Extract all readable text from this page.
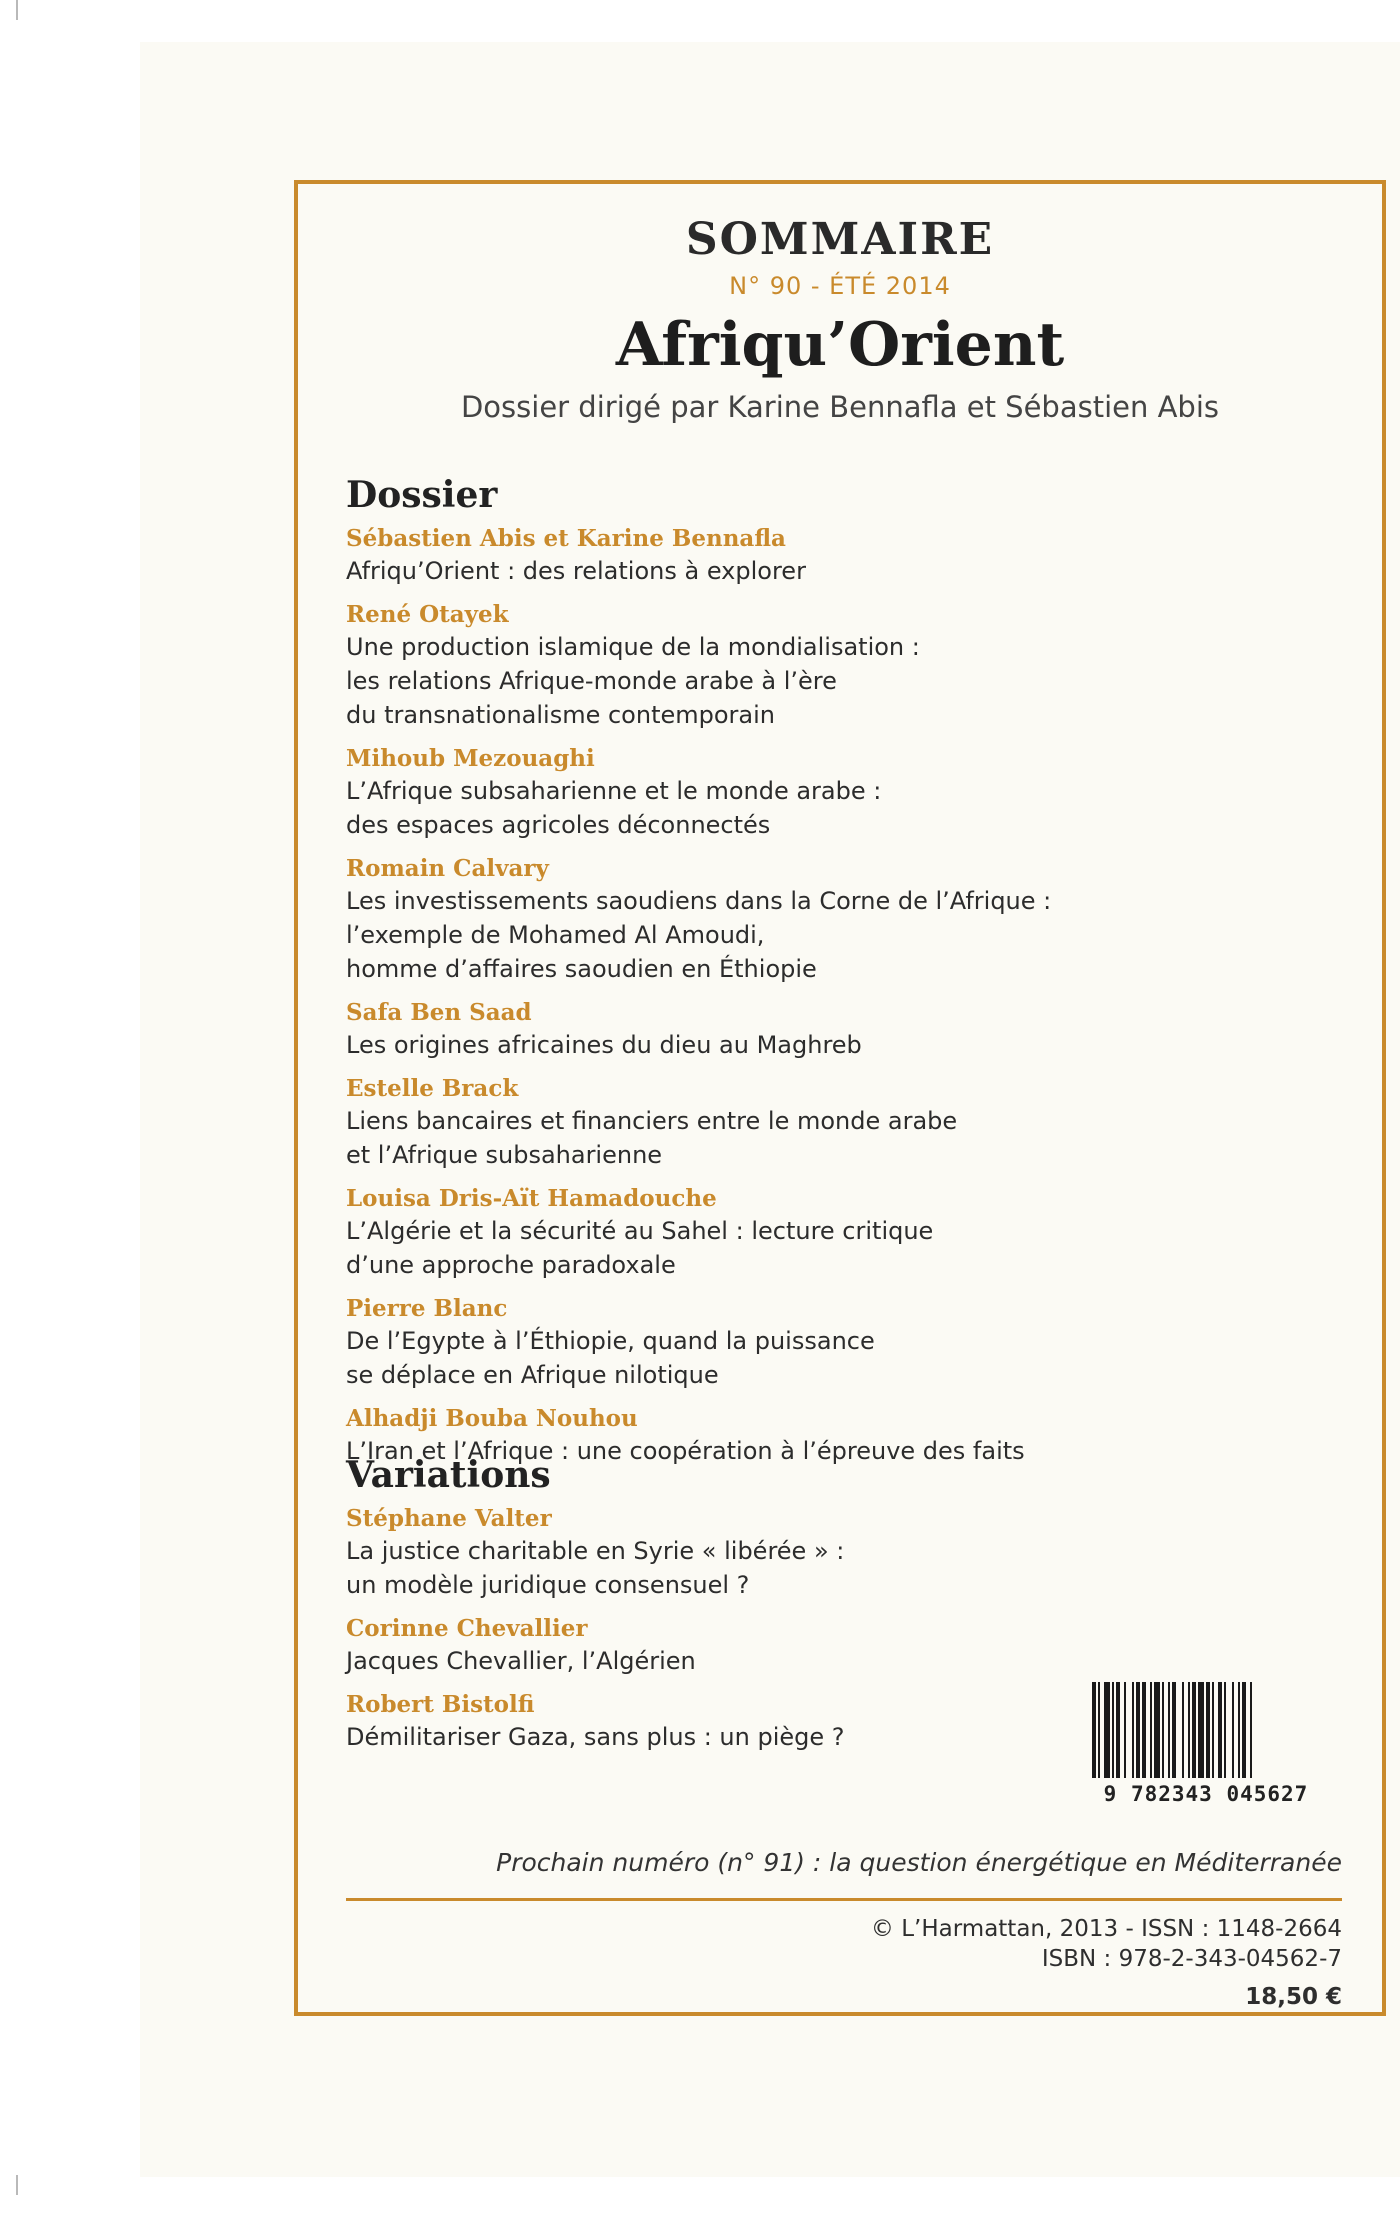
SOMMAIRE
N° 90 - ÉTÉ 2014
Afriqu’Orient
Dossier dirigé par Karine Bennafla et Sébastien Abis
Dossier
Sébastien Abis et Karine Bennafla
Afriqu’Orient : des relations à explorer
René Otayek
Une production islamique de la mondialisation :
les relations Afrique-monde arabe à l’ère
du transnationalisme contemporain
Mihoub Mezouaghi
L’Afrique subsaharienne et le monde arabe :
des espaces agricoles déconnectés
Romain Calvary
Les investissements saoudiens dans la Corne de l’Afrique :
l’exemple de Mohamed Al Amoudi,
homme d’affaires saoudien en Éthiopie
Safa Ben Saad
Les origines africaines du dieu au Maghreb
Estelle Brack
Liens bancaires et financiers entre le monde arabe
et l’Afrique subsaharienne
Louisa Dris-Aït Hamadouche
L’Algérie et la sécurité au Sahel : lecture critique
d’une approche paradoxale
Pierre Blanc
De l’Egypte à l’Éthiopie, quand la puissance
se déplace en Afrique nilotique
Alhadji Bouba Nouhou
L’Iran et l’Afrique : une coopération à l’épreuve des faits
Variations
Stéphane Valter
La justice charitable en Syrie « libérée » :
un modèle juridique consensuel ?
Corinne Chevallier
Jacques Chevallier, l’Algérien
Robert Bistolfi
Démilitariser Gaza, sans plus : un piège ?
9 782343 045627
Prochain numéro (n° 91) : la question énergétique en Méditerranée
© L’Harmattan, 2013 - ISSN : 1148-2664
ISBN : 978-2-343-04562-7
18,50 €
